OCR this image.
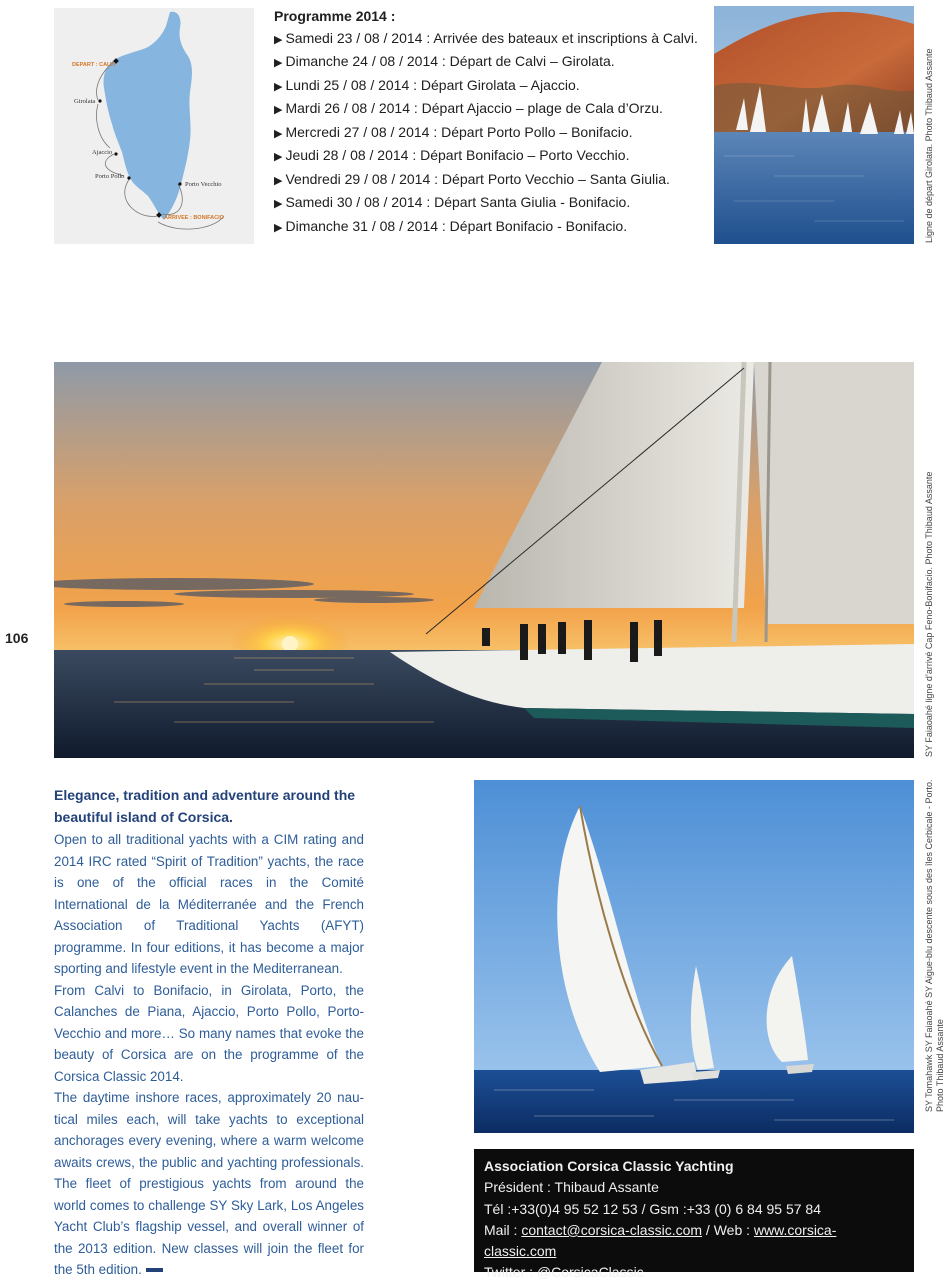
DEPART : CALVI
Girolata
Ajaccio
Porto Pollo
Porto Vecchio
ARRIVEE : BONIFACIO
Programme 2014 :
▶ Samedi 23 / 08 / 2014 : Arrivée des bateaux et inscriptions à Calvi.
▶ Dimanche 24 / 08 / 2014 : Départ de Calvi – Girolata.
▶ Lundi 25 / 08 / 2014 : Départ Girolata – Ajaccio.
▶ Mardi 26 / 08 / 2014 : Départ Ajaccio – plage de Cala d’Orzu.
▶ Mercredi 27 / 08 / 2014 : Départ Porto Pollo – Bonifacio.
▶ Jeudi 28 / 08 / 2014 : Départ Bonifacio – Porto Vecchio.
▶ Vendredi 29 / 08 / 2014 : Départ Porto Vecchio – Santa Giulia.
▶ Samedi 30 / 08 / 2014 : Départ Santa Giulia - Bonifacio.
▶ Dimanche 31 / 08 / 2014 : Départ Bonifacio - Bonifacio.	Ligne de départ Girolata. Photo Thibaud Assante
106	SY Faiaoahé ligne d’arrivé Cap Feno-Bonifacio. Photo Thibaud Assante
Elegance, tradition and adventure around the beautiful island of Corsica.

Open to all traditional yachts with a CIM rating and 2014 IRC rated “Spirit of Tradition” yachts, the race is one of the official races in the Comité International de la Méditerranée and the French Association of Traditional Yachts (AFYT) programme. In four editions, it has become a major sporting and lifestyle event in the Mediterranean.

From Calvi to Bonifacio, in Girolata, Porto, the Calanches de Piana, Ajaccio, Porto Pollo, Porto-Vecchio and more… So many names that evoke the beauty of Corsica are on the programme of the Corsica Classic 2014.

The daytime inshore races, approximately 20 nautical miles each, will take yachts to exceptional anchorages every evening, where a warm welcome awaits crews, the public and yachting professionals. The fleet of prestigious yachts from around the world comes to challenge SY Sky Lark, Los Angeles Yacht Club’s flagship vessel, and overall winner of the 2013 edition. New classes will join the fleet for the 5th edition.

SY Tomahawk SY Faiaoahé SY Aigue-blu descente sous des îles Cerbicale - Porto. Photo Thibaud Assante
Association Corsica Classic Yachting
Président : Thibaud Assante
Tél :+33(0)4 95 52 12 53 / Gsm :+33 (0) 6 84 95 57 84
Mail : contact@corsica-classic.com / Web : www.corsica-classic.com
Twitter : @CorsicaClassic
